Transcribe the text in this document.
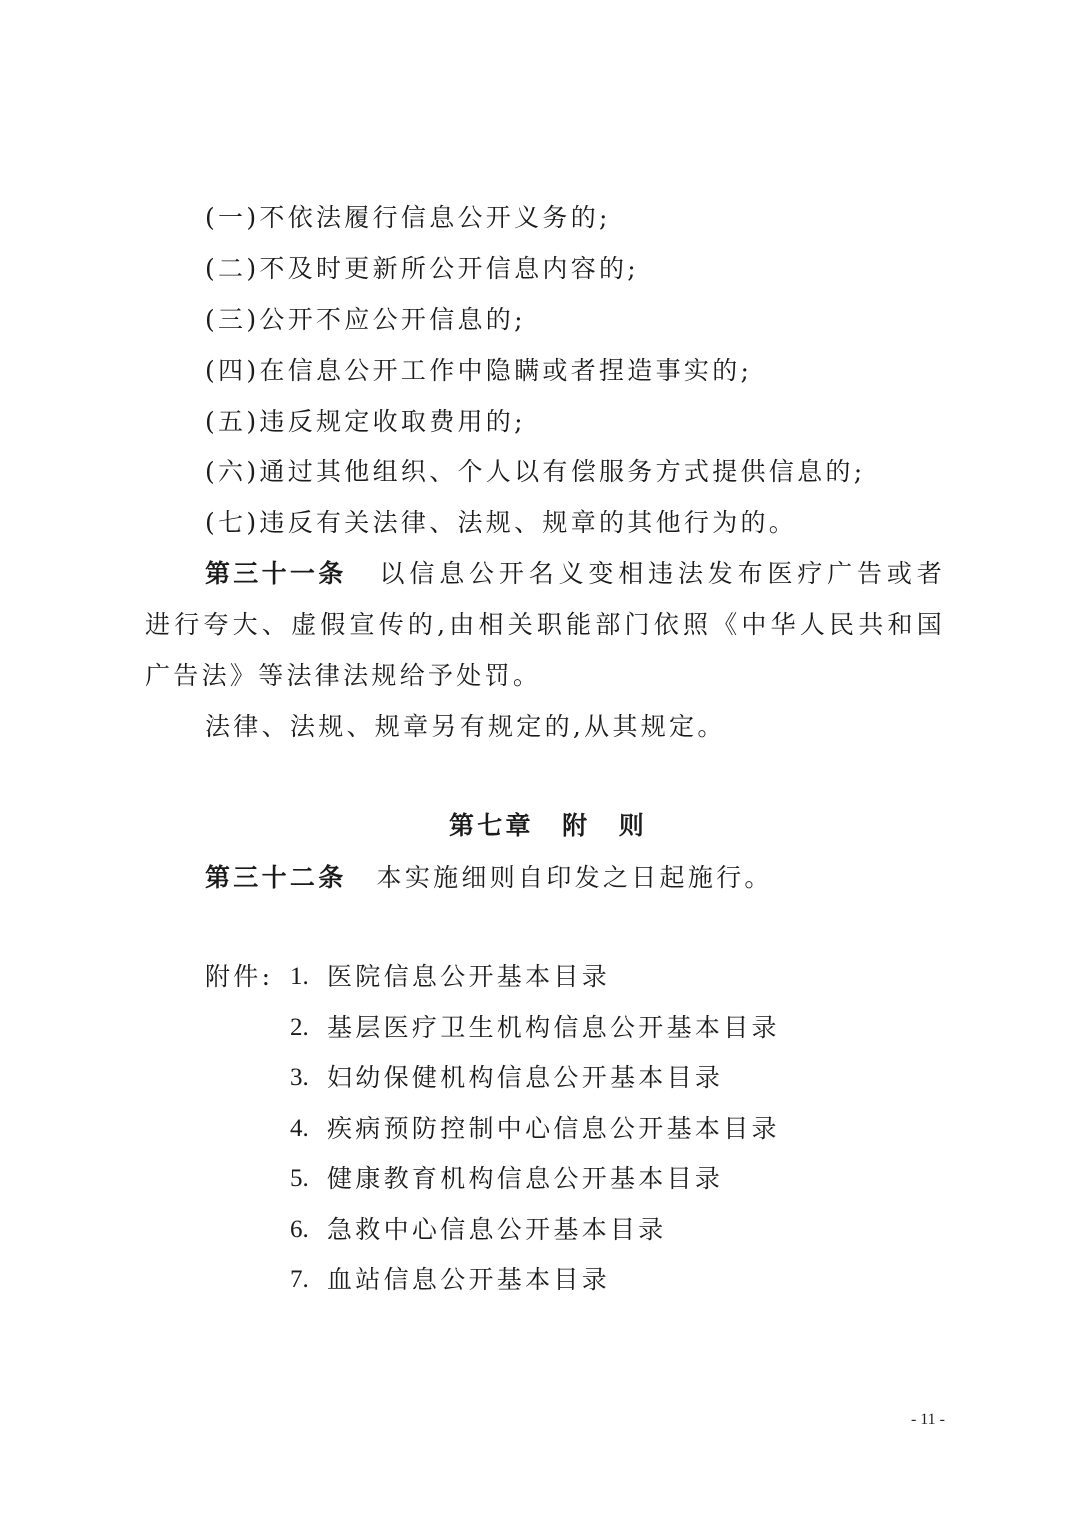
(一)不依法履行信息公开义务的;
(二)不及时更新所公开信息内容的;
(三)公开不应公开信息的;
(四)在信息公开工作中隐瞒或者捏造事实的;
(五)违反规定收取费用的;
(六)通过其他组织、个人以有偿服务方式提供信息的;
(七)违反有关法律、法规、规章的其他行为的。
第三十一条 以信息公开名义变相违法发布医疗广告或者
进行夸大、虚假宣传的,由相关职能部门依照《中华人民共和国
广告法》等法律法规给予处罚。
法律、法规、规章另有规定的,从其规定。
第七章　附　则
第三十二条 本实施细则自印发之日起施行。
附件: 1. 医院信息公开基本目录
2. 基层医疗卫生机构信息公开基本目录
3. 妇幼保健机构信息公开基本目录
4. 疾病预防控制中心信息公开基本目录
5. 健康教育机构信息公开基本目录
6. 急救中心信息公开基本目录
7. 血站信息公开基本目录
- 11 -
